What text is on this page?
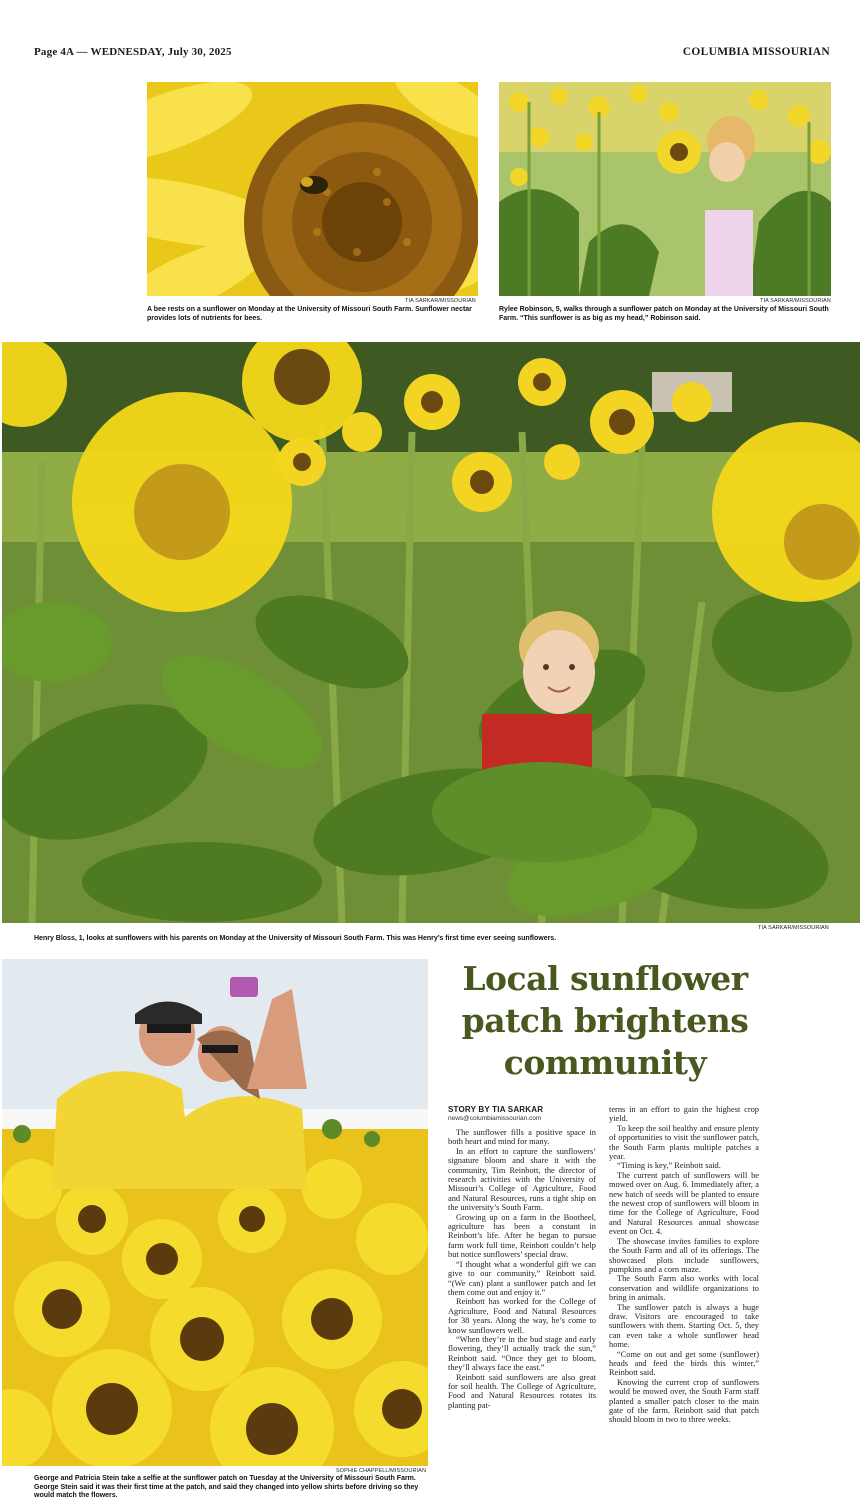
Page 4A — WEDNESDAY, July 30, 2025	COLUMBIA MISSOURIAN
TIA SARKAR/MISSOURIAN
A bee rests on a sunflower on Monday at the University of Missouri South Farm. Sunflower nectar provides lots of nutrients for bees.
TIA SARKAR/MISSOURIAN
Rylee Robinson, 5, walks through a sunflower patch on Monday at the University of Missouri South Farm. “This sunflower is as big as my head,” Robinson said.
TIA SARKAR/MISSOURIAN
Henry Bloss, 1, looks at sunflowers with his parents on Monday at the University of Missouri South Farm. This was Henry’s first time ever seeing sunflowers.
SOPHIE CHAPPELL/MISSOURIAN
George and Patricia Stein take a selfie at the sunflower patch on Tuesday at the University of Missouri South Farm. George Stein said it was their first time at the patch, and said they changed into yellow shirts before driving so they would match the flowers.
Local sunflower patch brightens community
STORY BY TIA SARKAR
news@columbiamissourian.com

The sunflower fills a positive space in both heart and mind for many.

In an effort to capture the sunflowers’ signature bloom and share it with the community, Tim Reinbott, the director of research activities with the University of Missouri’s College of Agriculture, Food and Natural Resources, runs a tight ship on the university’s South Farm.

Growing up on a farm in the Bootheel, agriculture has been a constant in Reinbott’s life. After he began to pursue farm work full time, Reinbott couldn’t help but notice sunflowers’ special draw.

“I thought what a wonderful gift we can give to our community,” Reinbott said. “(We can) plant a sunflower patch and let them come out and enjoy it.”

Reinbott has worked for the College of Agriculture, Food and Natural Resources for 38 years. Along the way, he’s come to know sunflowers well.

“When they’re in the bud stage and early flowering, they’ll actually track the sun,” Reinbott said. “Once they get to bloom, they’ll always face the east.”

Reinbott said sunflowers are also great for soil health. The College of Agriculture, Food and Natural Resources rotates its planting pat-

terns in an effort to gain the highest crop yield.

To keep the soil healthy and ensure plenty of opportunities to visit the sunflower patch, the South Farm plants multiple patches a year.

“Timing is key,” Reinbott said.

The current patch of sunflowers will be mowed over on Aug. 6. Immediately after, a new batch of seeds will be planted to ensure the newest crop of sunflowers will bloom in time for the College of Agriculture, Food and Natural Resources annual showcase event on Oct. 4.

The showcase invites families to explore the South Farm and all of its offerings. The showcased plots include sunflowers, pumpkins and a corn maze.

The South Farm also works with local conservation and wildlife organizations to bring in animals.

The sunflower patch is always a huge draw. Visitors are encouraged to take sunflowers with them. Starting Oct. 5, they can even take a whole sunflower head home.

“Come on out and get some (sunflower) heads and feed the birds this winter,” Reinbott said.

Knowing the current crop of sunflowers would be mowed over, the South Farm staff planted a smaller patch closer to the main gate of the farm. Reinbott said that patch should bloom in two to three weeks.
